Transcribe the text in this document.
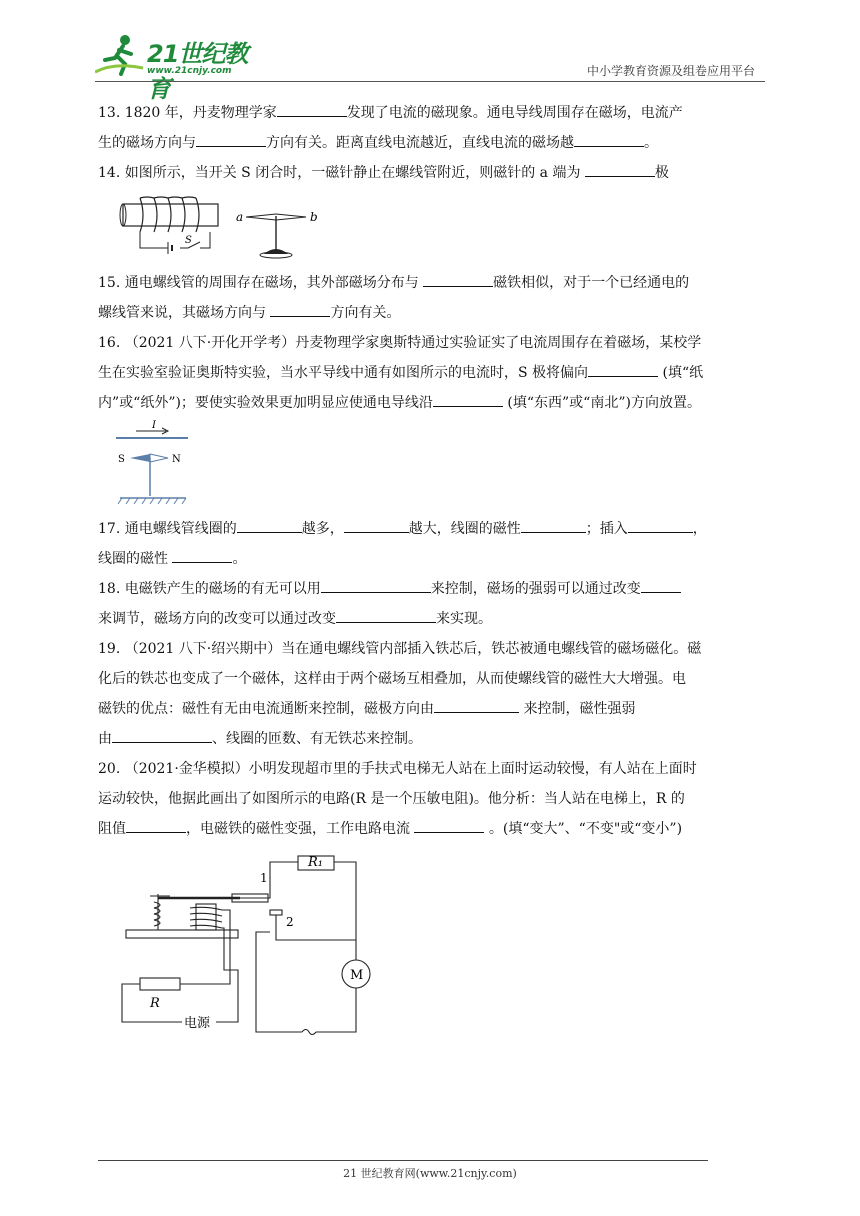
21世纪教育
www.21cnjy.com	中小学教育资源及组卷应用平台

13. 1820 年，丹麦物理学家	发现了电流的磁现象。通电导线周围存在磁场，电流产
生的磁场方向与	方向有关。距离直线电流越近，直线电流的磁场越	。

14. 如图所示，当开关 S 闭合时，一磁针静止在螺线管附近，则磁针的 a 端为	极

S
a	b

15. 通电螺线管的周围存在磁场，其外部磁场分布与	磁铁相似，对于一个已经通电的
螺线管来说，其磁场方向与	方向有关。

16. （2021 八下·开化开学考）丹麦物理学家奥斯特通过实验证实了电流周围存在着磁场，某校学
生在实验室验证奥斯特实验，当水平导线中通有如图所示的电流时，S 极将偏向	(填“纸
内”或“纸外”)；要使实验效果更加明显应使通电导线沿	(填“东西”或“南北”)方向放置。

I
S	N

17. 通电螺线管线圈的	越多，	越大，线圈的磁性	；插入	，
线圈的磁性	。

18. 电磁铁产生的磁场的有无可以用	来控制，磁场的强弱可以通过改变
来调节，磁场方向的改变可以通过改变	来实现。

19. （2021 八下·绍兴期中）当在通电螺线管内部插入铁芯后，铁芯被通电螺线管的磁场磁化。磁
化后的铁芯也变成了一个磁体，这样由于两个磁场互相叠加，从而使螺线管的磁性大大增强。电
磁铁的优点：磁性有无由电流通断来控制，磁极方向由	来控制，磁性强弱
由	、线圈的匝数、有无铁芯来控制。

20. （2021·金华模拟）小明发现超市里的手扶式电梯无人站在上面时运动较慢，有人站在上面时
运动较快，他据此画出了如图所示的电路(R 是一个压敏电阻)。他分析：当人站在电梯上，R 的
阻值	，电磁铁的磁性变强，工作电路电流	。(填“变大”、“不变"或“变小”)

1
2
R₁
R
M
电源
21 世纪教育网(www.21cnjy.com)
